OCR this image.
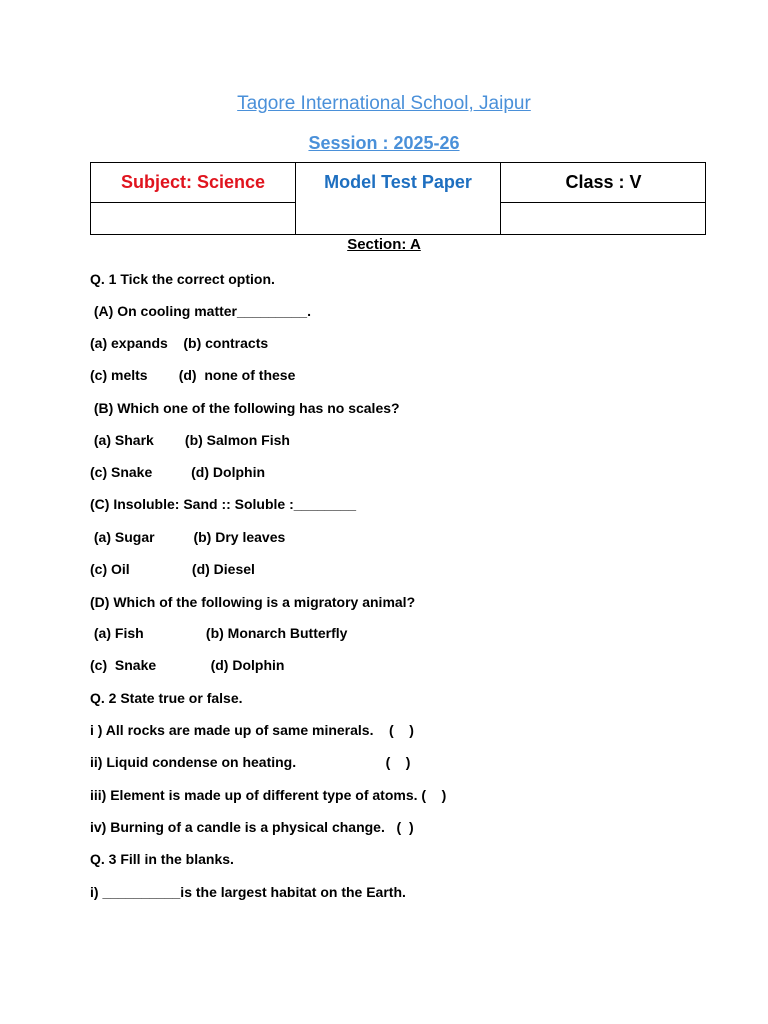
Tagore International School, Jaipur
Session : 2025-26
Subject: Science	Model Test Paper	Class : V
Section: A
Q. 1 Tick the correct option.
(A) On cooling matter_________.
(a) expands    (b) contracts
(c) melts        (d)  none of these
(B) Which one of the following has no scales?
(a) Shark        (b) Salmon Fish
(c) Snake          (d) Dolphin
(C) Insoluble: Sand :: Soluble :________
(a) Sugar          (b) Dry leaves
(c) Oil                (d) Diesel
(D) Which of the following is a migratory animal?
(a) Fish                (b) Monarch Butterfly
(c)  Snake              (d) Dolphin
Q. 2 State true or false.
i ) All rocks are made up of same minerals.    (    )
ii) Liquid condense on heating.                       (    )
iii) Element is made up of different type of atoms. (    )
iv) Burning of a candle is a physical change.   (  )
Q. 3 Fill in the blanks.
i) __________is the largest habitat on the Earth.
